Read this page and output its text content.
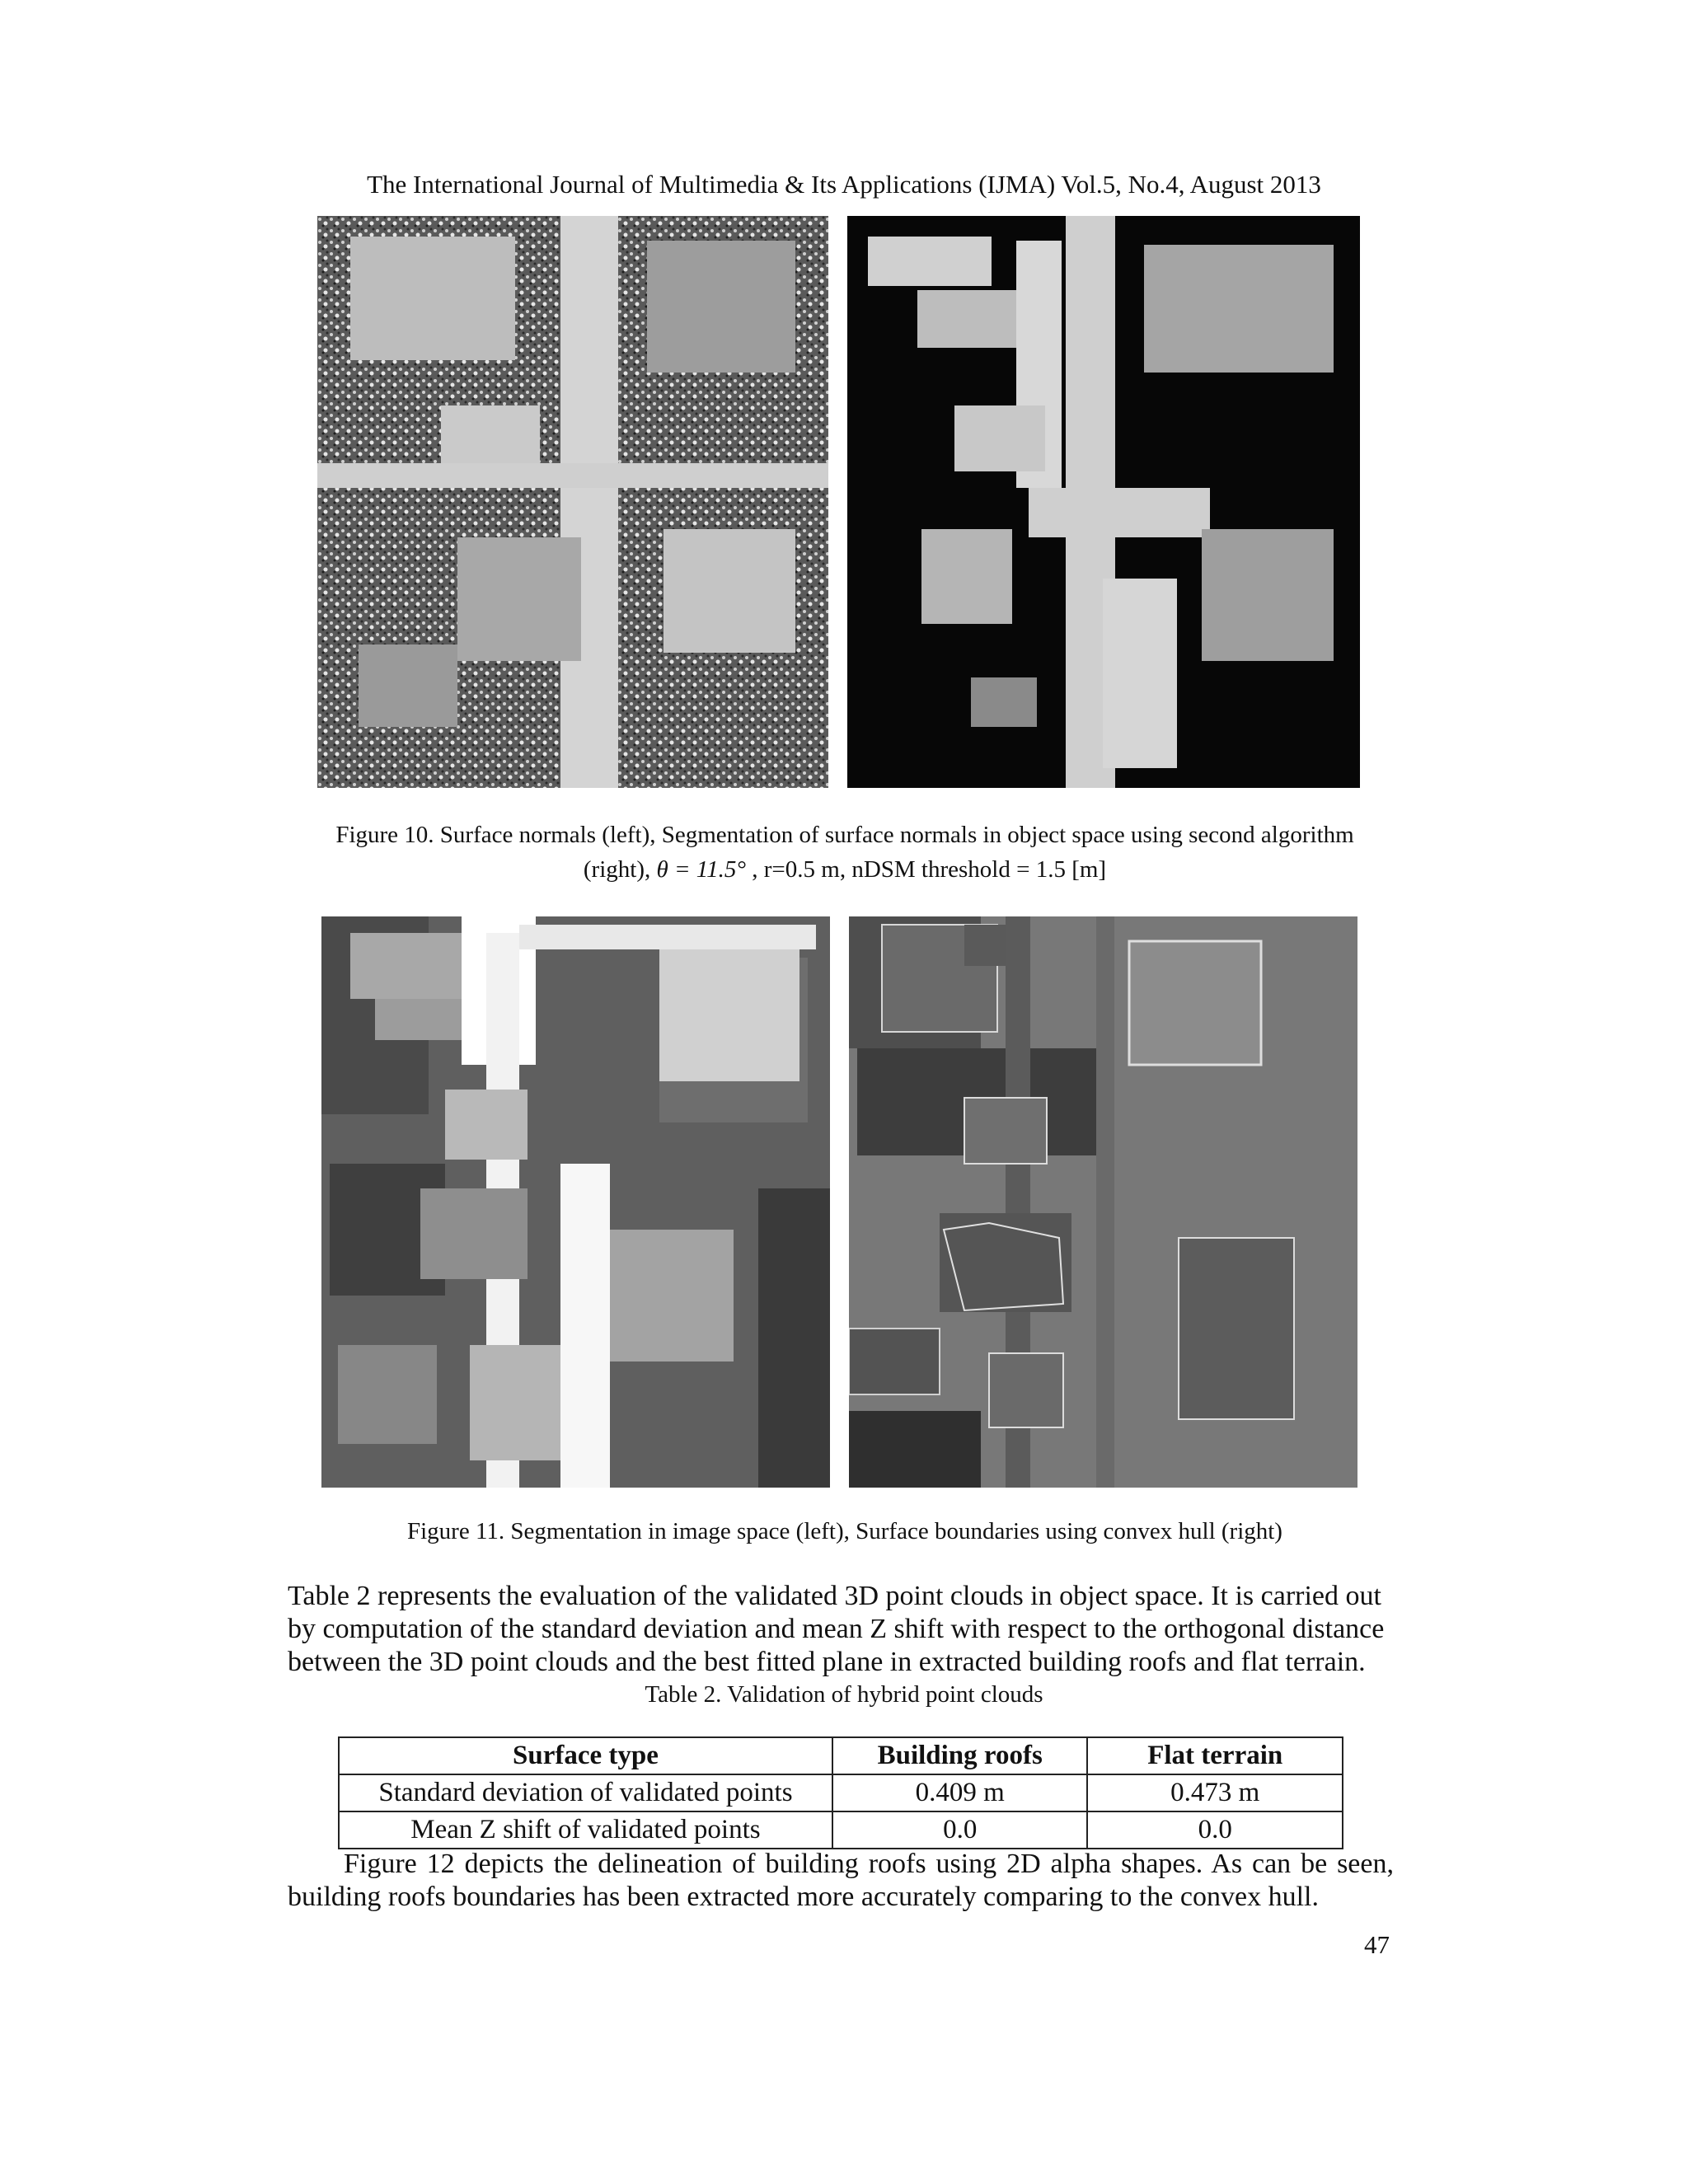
The International Journal of Multimedia & Its Applications (IJMA) Vol.5, No.4, August 2013
Figure 10. Surface normals (left), Segmentation of surface normals in object space using second algorithm
(right), θ = 11.5° , r=0.5 m, nDSM threshold = 1.5 [m]
Figure 11. Segmentation in image space (left), Surface boundaries using convex hull (right)
Table 2 represents the evaluation of the validated 3D point clouds in object space. It is carried out
by computation of the standard deviation and mean Z shift with respect to the orthogonal distance
between the 3D point clouds and the best fitted plane in extracted building roofs and flat terrain.
Table 2. Validation of hybrid point clouds
Surface type	Building roofs	Flat terrain
Standard deviation of validated points	0.409 m	0.473 m
Mean Z shift of validated points	0.0	0.0
Figure 12 depicts the delineation of building roofs using 2D alpha shapes. As can be seen,
building roofs boundaries has been extracted more accurately comparing to the convex hull.
47
